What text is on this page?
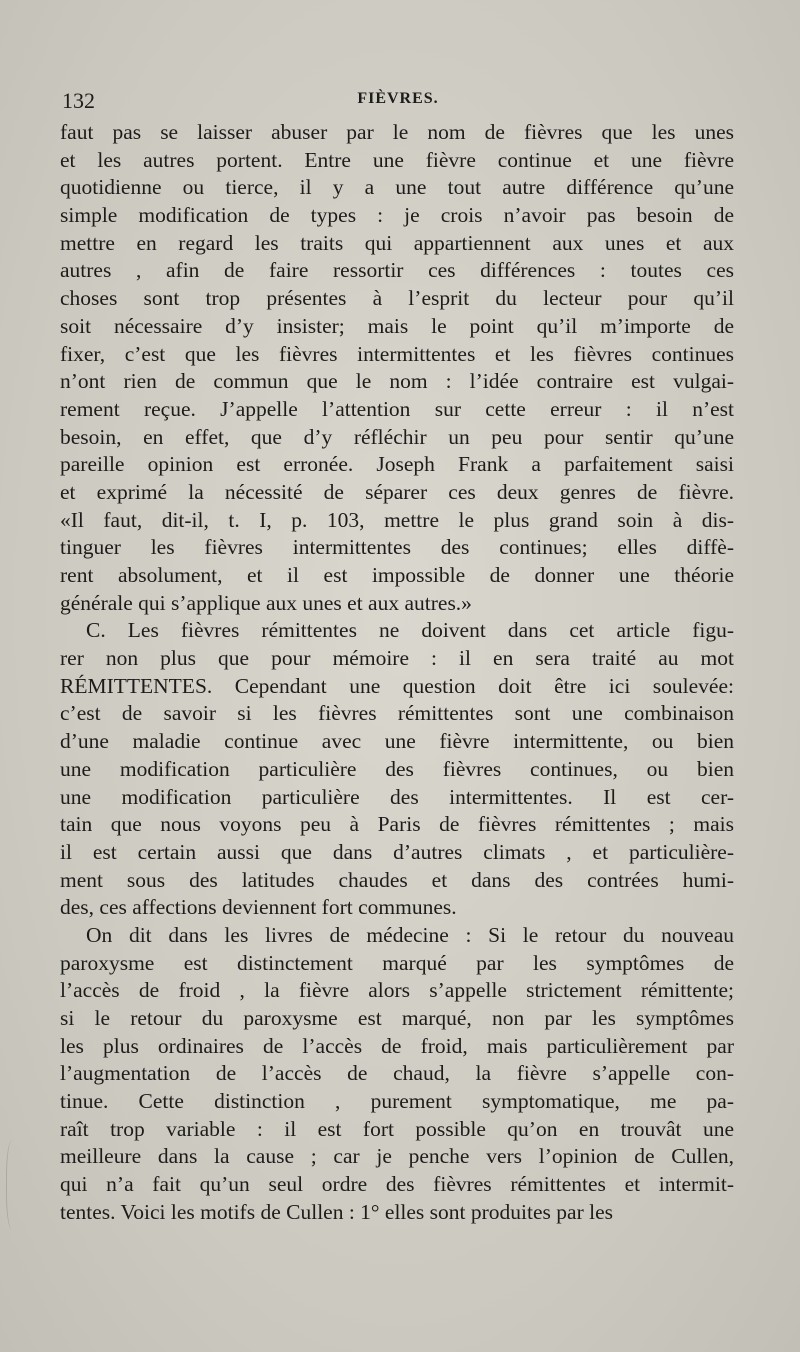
132	FIÈVRES.
faut pas se laisser abuser par le nom de fièvres que les unes
et les autres portent. Entre une fièvre continue et une fièvre
quotidienne ou tierce, il y a une tout autre différence qu’une
simple modification de types : je crois n’avoir pas besoin de
mettre en regard les traits qui appartiennent aux unes et aux
autres , afin de faire ressortir ces différences : toutes ces
choses sont trop présentes à l’esprit du lecteur pour qu’il
soit nécessaire d’y insister; mais le point qu’il m’importe de
fixer, c’est que les fièvres intermittentes et les fièvres continues
n’ont rien de commun que le nom : l’idée contraire est vulgai-
rement reçue. J’appelle l’attention sur cette erreur : il n’est
besoin, en effet, que d’y réfléchir un peu pour sentir qu’une
pareille opinion est erronée. Joseph Frank a parfaitement saisi
et exprimé la nécessité de séparer ces deux genres de fièvre.
«Il faut, dit-il, t. I, p. 103, mettre le plus grand soin à dis-
tinguer les fièvres intermittentes des continues; elles diffè-
rent absolument, et il est impossible de donner une théorie
générale qui s’applique aux unes et aux autres.»
C. Les fièvres rémittentes ne doivent dans cet article figu-
rer non plus que pour mémoire : il en sera traité au mot
RÉMITTENTES. Cependant une question doit être ici soulevée:
c’est de savoir si les fièvres rémittentes sont une combinaison
d’une maladie continue avec une fièvre intermittente, ou bien
une modification particulière des fièvres continues, ou bien
une modification particulière des intermittentes. Il est cer-
tain que nous voyons peu à Paris de fièvres rémittentes ; mais
il est certain aussi que dans d’autres climats , et particulière-
ment sous des latitudes chaudes et dans des contrées humi-
des, ces affections deviennent fort communes.
On dit dans les livres de médecine : Si le retour du nouveau
paroxysme est distinctement marqué par les symptômes de
l’accès de froid , la fièvre alors s’appelle strictement rémittente;
si le retour du paroxysme est marqué, non par les symptômes
les plus ordinaires de l’accès de froid, mais particulièrement par
l’augmentation de l’accès de chaud, la fièvre s’appelle con-
tinue. Cette distinction , purement symptomatique, me pa-
raît trop variable : il est fort possible qu’on en trouvât une
meilleure dans la cause ; car je penche vers l’opinion de Cullen,
qui n’a fait qu’un seul ordre des fièvres rémittentes et intermit-
tentes. Voici les motifs de Cullen : 1° elles sont produites par les
